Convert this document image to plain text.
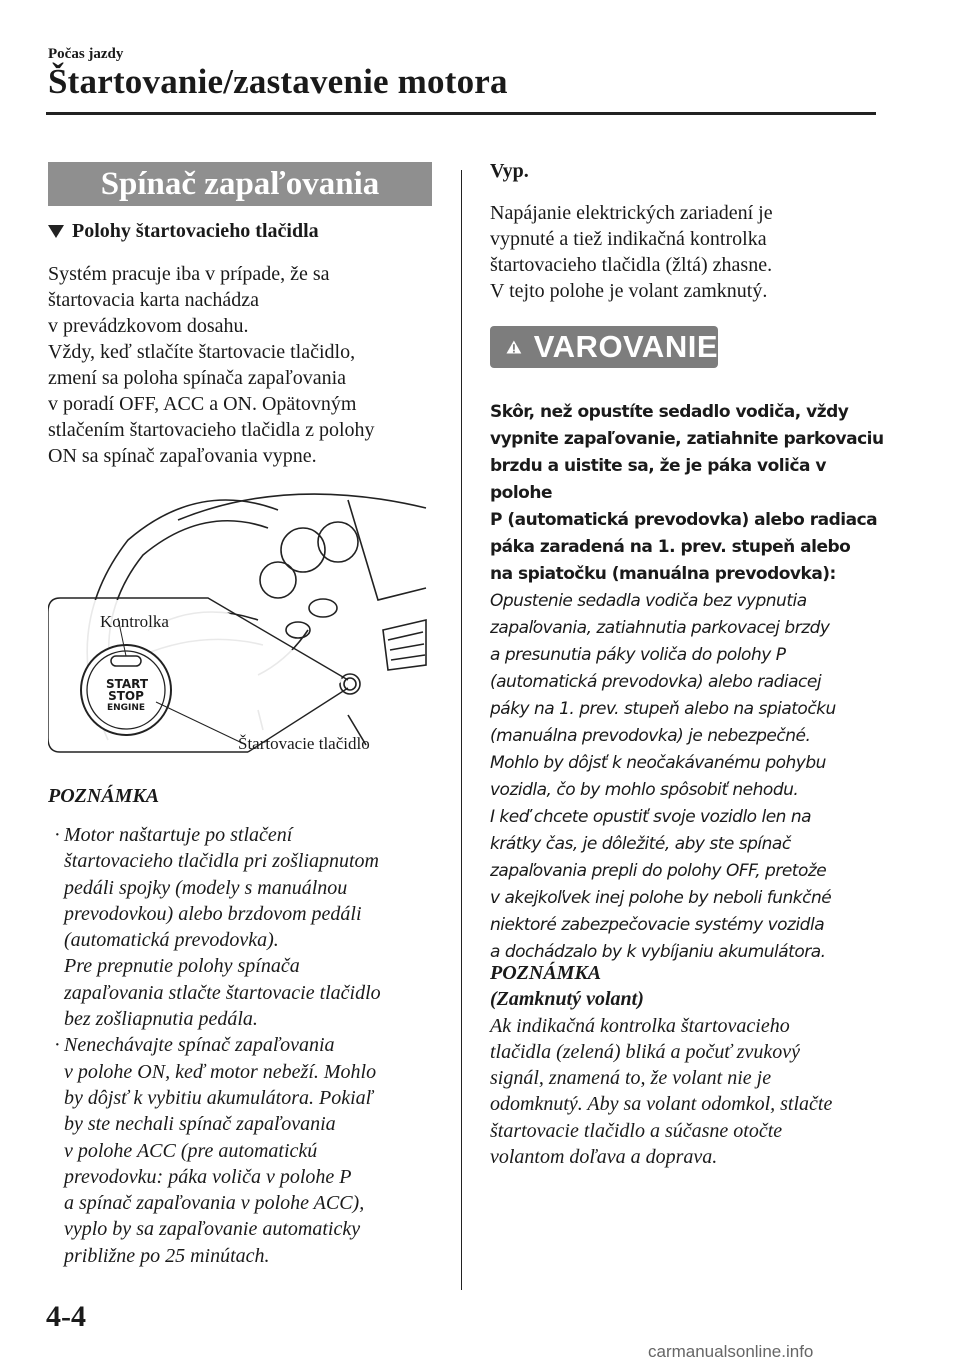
Počas jazdy
Štartovanie/zastavenie motora
Spínač zapaľovania
Polohy štartovacieho tlačidla
Systém pracuje iba v prípade, že sa
štartovacia karta nachádza
v prevádzkovom dosahu.
Vždy, keď stlačíte štartovacie tlačidlo,
zmení sa poloha spínača zapaľovania
v poradí OFF, ACC a ON. Opätovným
stlačením štartovacieho tlačidla z polohy
ON sa spínač zapaľovania vypne.
Kontrolka
Štartovacie tlačidlo
START
STOP
ENGINE
POZNÁMKA
· Motor naštartuje po stlačení
štartovacieho tlačidla pri zošliapnutom
pedáli spojky (modely s manuálnou
prevodovkou) alebo brzdovom pedáli
(automatická prevodovka).
Pre prepnutie polohy spínača
zapaľovania stlačte štartovacie tlačidlo
bez zošliapnutia pedála.
· Nenechávajte spínač zapaľovania
v polohe ON, keď motor nebeží. Mohlo
by dôjsť k vybitiu akumulátora. Pokiaľ
by ste nechali spínač zapaľovania
v polohe ACC (pre automatickú
prevodovku: páka voliča v polohe P
a spínač zapaľovania v polohe ACC),
vyplo by sa zapaľovanie automaticky
približne po 25 minútach.
Vyp.
Napájanie elektrických zariadení je
vypnuté a tiež indikačná kontrolka
štartovacieho tlačidla (žltá) zhasne.
V tejto polohe je volant zamknutý.
VAROVANIE
Skôr, než opustíte sedadlo vodiča, vždy
vypnite zapaľovanie, zatiahnite parkovaciu
brzdu a uistite sa, že je páka voliča v polohe
P (automatická prevodovka) alebo radiaca
páka zaradená na 1. prev. stupeň alebo
na spiatočku (manuálna prevodovka):
Opustenie sedadla vodiča bez vypnutia
zapaľovania, zatiahnutia parkovacej brzdy
a presunutia páky voliča do polohy P
(automatická prevodovka) alebo radiacej
páky na 1. prev. stupeň alebo na spiatočku
(manuálna prevodovka) je nebezpečné.
Mohlo by dôjsť k neočakávanému pohybu
vozidla, čo by mohlo spôsobiť nehodu.
I keď chcete opustiť svoje vozidlo len na
krátky čas, je dôležité, aby ste spínač
zapaľovania prepli do polohy OFF, pretože
v akejkoľvek inej polohe by neboli funkčné
niektoré zabezpečovacie systémy vozidla
a dochádzalo by k vybíjaniu akumulátora.
POZNÁMKA
(Zamknutý volant)
Ak indikačná kontrolka štartovacieho
tlačidla (zelená) bliká a počuť zvukový
signál, znamená to, že volant nie je
odomknutý. Aby sa volant odomkol, stlačte
štartovacie tlačidlo a súčasne otočte
volantom doľava a doprava.
4-4
carmanualsonline.info
